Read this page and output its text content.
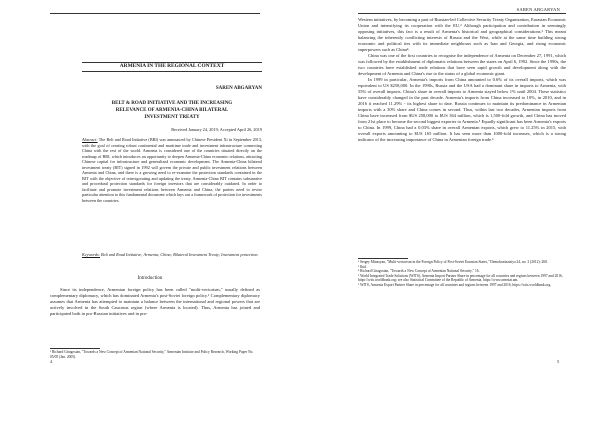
ARMENIA IN THE REGIONAL CONTEXT
SAREN ABGARYAN
BELT & ROAD INITIATIVE AND THE INCREASING
RELEVANCE OF ARMENIA-CHINA BILATERAL
INVESTMENT TREATY
Received January 24, 2019; Accepted April 26, 2019
Abstract: The Belt and Road Initiative (BRI) was announced by Chinese President Xi in September 2013, with the goal of creating robust continental and maritime trade and investment infrastructure connecting China with the rest of the world. Armenia is considered one of the countries situated directly on the roadmap of BRI, which introduces an opportunity to deepen Armenia-China economic relations, attracting Chinese capital for infrastructure and generalized economic development. The Armenia-China bilateral investment treaty (BIT) signed in 1992 will govern the private and public investment relations between Armenia and China, and there is a growing need to re-examine the protection standards contained in the BIT with the objective of reinvigorating and updating the treaty. Armenia-China BIT contains substantive and procedural protection standards for foreign investors that are considerably outdated. In order to facilitate and promote investment relations between Armenia and China, the parties need to revise particular attention to this fundamental document which lays out a framework of protection for investments between the countries.
Keywords: Belt and Road Initiative; Armenia; China; Bilateral Investment Treaty; Investment protection.
Introduction
Since its independence, Armenian foreign policy has been called "multi-vectorism," usually defined as complementary diplomacy, which has dominated Armenia's post-Soviet foreign policy.¹ Complementary diplomacy assumes that Armenia has attempted to maintain a balance between the international and regional powers that are actively involved in the South Caucasus region (where Armenia is located). Thus, Armenia has joined and participated both in pro-Russian initiatives and in pro-
¹ Richard Giragosian, "Towards a New Concept of Armenian National Security," Armenian Institute and Policy Research, Working Paper No. 05/05 (Jan. 2005).
4
SAREN ABGARYAN

Western initiatives, by becoming a part of Russian-led Collective Security Treaty Organization, Eurasian Economic Union and intensifying its cooperation with the EU.² Although participation and contribution in seemingly opposing initiatives, this fact is a result of Armenia's historical and geographical considerations.³ This meant balancing the inherently conflicting interests of Russia and the West, while at the same time building strong economic and political ties with its immediate neighbours such as Iran and Georgia, and rising economic superpowers such as China⁴.

China was one of the first countries to recognise the independence of Armenia on December 27, 1991, which was followed by the establishment of diplomatic relations between the states on April 6, 1992. Since the 1990s, the two countries have established trade relations that have seen rapid growth and development along with the development of Armenia and China's rise to the status of a global economic giant.

In 1999 in particular, Armenia's imports from China amounted to 0.6% of its overall imports, which was equivalent to US $258,000. In the 1990s, Russia and the USA had a dominant share in imports to Armenia, with 55% of overall imports. China's share in overall imports to Armenia stayed below 1% until 2004. These statistics have considerably changed in the past decade. Armenia's imports from China increased to 10%, in 2010, and in 2016 it reached 11.29% - its highest share to date. Russia continues to maintain its predominance in Armenian imports with a 30% share and China comes in second. Thus, within last two decades, Armenian imports from China have increased from $US 258,000 to $US 364 million, which is 1,500-fold growth, and China has moved from 21st place to become the second biggest exporter to Armenia.⁵ Equally significant has been Armenia's exports to China. In 1999, China had a 0.03% share in overall Armenian exports, which grew to 11.25% in 2015, with overall exports amounting to $US 165 million. It has seen more than 1000-fold increases, which is a strong indicator of the increasing importance of China in Armenian foreign trade.⁶

² Sergey Minasyan, "Multi-vectorism in the Foreign Policy of Post-Soviet Eurasian States," Demokratizatsiya 24, no. 3 (2012): 268.
³ Ibid.
⁴ Richard Giragosian, "Towards a New Concept of Armenian National Security," 16.
⁵ World Integrated Trade Solutions (WITS), Armenia Import Partner Share in percentage for all countries and regions between 1997 and 2016, https://wits.worldbank.org; see also Statistical Committee of the Republic of Armenia, https://www.armstat.am.
⁶ WITS, Armenia Export Partner Share in percentage for all countries and regions between 1997 and 2016, https://wits.worldbank.org.
5
